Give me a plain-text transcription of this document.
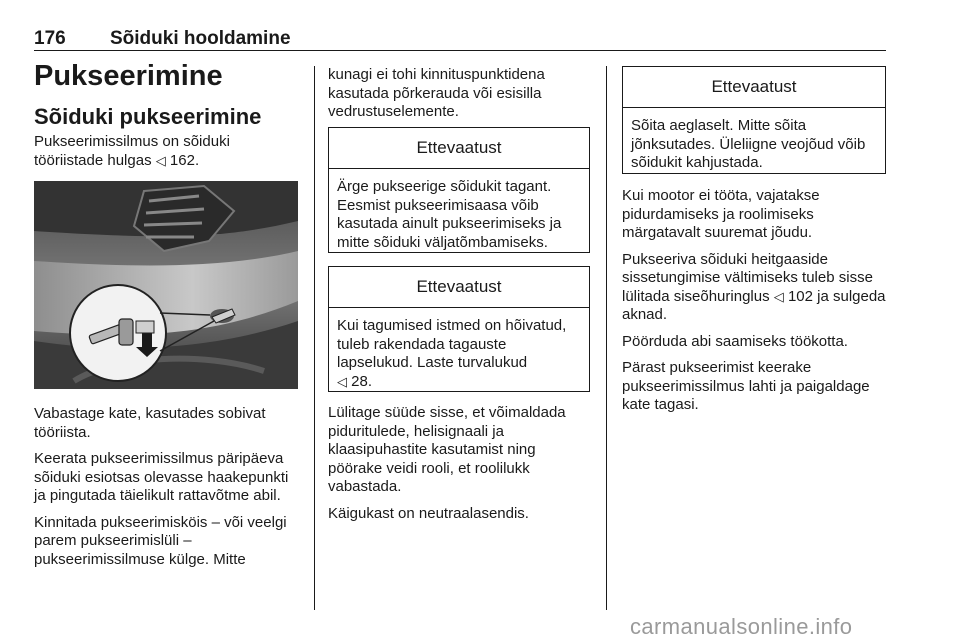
176 Sõiduki hooldamine
Pukseerimine
Sõiduki pukseerimine
Pukseerimissilmus on sõiduki
tööriistade hulgas ◁ 162.

Vabastage kate, kasutades sobivat tööriista.

Keerata pukseerimissilmus päripäeva sõiduki esiotsas olevasse haakepunkti ja pingutada täielikult rattavõtme abil.

Kinnitada pukseerimisköis – või veelgi parem pukseerimislüli – pukseerimissilmuse külge. Mitte

kunagi ei tohi kinnituspunktidena kasutada põrkerauda või esisilla vedrustuselemente.

Ettevaatust
Ärge pukseerige sõidukit tagant. Eesmist pukseerimisaasa võib kasutada ainult pukseerimiseks ja mitte sõiduki väljatõmbamiseks.
Ettevaatust
Kui tagumised istmed on hõivatud, tuleb rakendada tagauste lapselukud. Laste turvalukud
◁ 28.

Lülitage süüde sisse, et võimaldada piduritulede, helisignaali ja klaasipuhastite kasutamist ning pöörake veidi rooli, et roolilukk vabastada.

Käigukast on neutraalasendis.

Ettevaatust
Sõita aeglaselt. Mitte sõita jõnksutades. Üleliigne veojõud võib sõidukit kahjustada.

Kui mootor ei tööta, vajatakse pidurdamiseks ja roolimiseks märgatavalt suuremat jõudu.

Pukseeriva sõiduki heitgaaside sissetungimise vältimiseks tuleb sisse lülitada siseõhuringlus ◁ 102 ja sulgeda aknad.

Pöörduda abi saamiseks töökotta.

Pärast pukseerimist keerake pukseerimissilmus lahti ja paigaldage kate tagasi.

carmanualsonline.info
